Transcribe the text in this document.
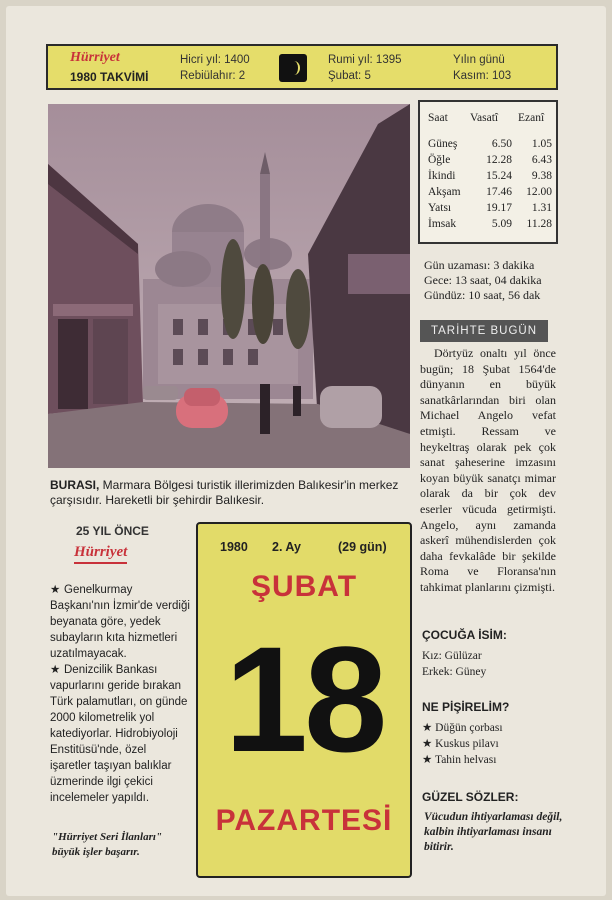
Hürriyet
1980 TAKVİMİ
Hicri yıl: 1400
Rebiülahır: 2
Rumi yıl: 1395
Şubat: 5
Yılın günü
Kasım: 103

BURASI, Marmara Bölgesi turistik illerimizden Balıkesir'in merkez çarşısıdır. Hareketli bir şehirdir Balıkesir.

Saat Vasatî Ezanî
Güneş	6.50	1.05
Öğle	12.28	6.43
İkindi	15.24	9.38
Akşam	17.46	12.00
Yatsı	19.17	1.31
İmsak	5.09	11.28
Gün uzaması: 3 dakika
Gece: 13 saat, 04 dakika
Gündüz: 10 saat, 56 dak
TARİHTE BUGÜN

Dörtyüz onaltı yıl önce bugün; 18 Şubat 1564'de dünyanın en büyük sanatkârlarından biri olan Michael Angelo vefat etmişti. Ressam ve heykeltraş olarak pek çok sanat şaheserine imzasını koyan büyük sanatçı mimar olarak da bir çok dev eserler vücuda getirmişti. Angelo, aynı zamanda askerî mühendislerden çok daha fevkalâde bir şekilde Roma ve Floransa'nın tahkimat planlarını çizmişti.

ÇOCUĞA İSİM:
Kız: Gülüzar
Erkek: Güney
NE PİŞİRELİM?
★ Düğün çorbası
★ Kuskus pilavı
★ Tahin helvası
GÜZEL SÖZLER:

Vücudun ihtiyarlaması değil, kalbin ihtiyarlaması insanı bitirir.

25 YIL ÖNCE
Hürriyet

★ Genelkurmay Başkanı'nın İzmir'de verdiği beyanata göre, yedek subayların kıta hizmetleri uzatılmayacak.

★ Denizcilik Bankası vapurlarını geride bırakan Türk palamutları, on günde 2000 kilometrelik yol katediyorlar. Hidrobiyoloji Enstitüsü'nde, özel işaretler taşıyan balıklar üzmerinde ilgi çekici incelemeler yapıldı.

"Hürriyet Seri İlanları" büyük işler başarır.

1980 2. Ay	(29 gün)
ŞUBAT
18
PAZARTESİ
